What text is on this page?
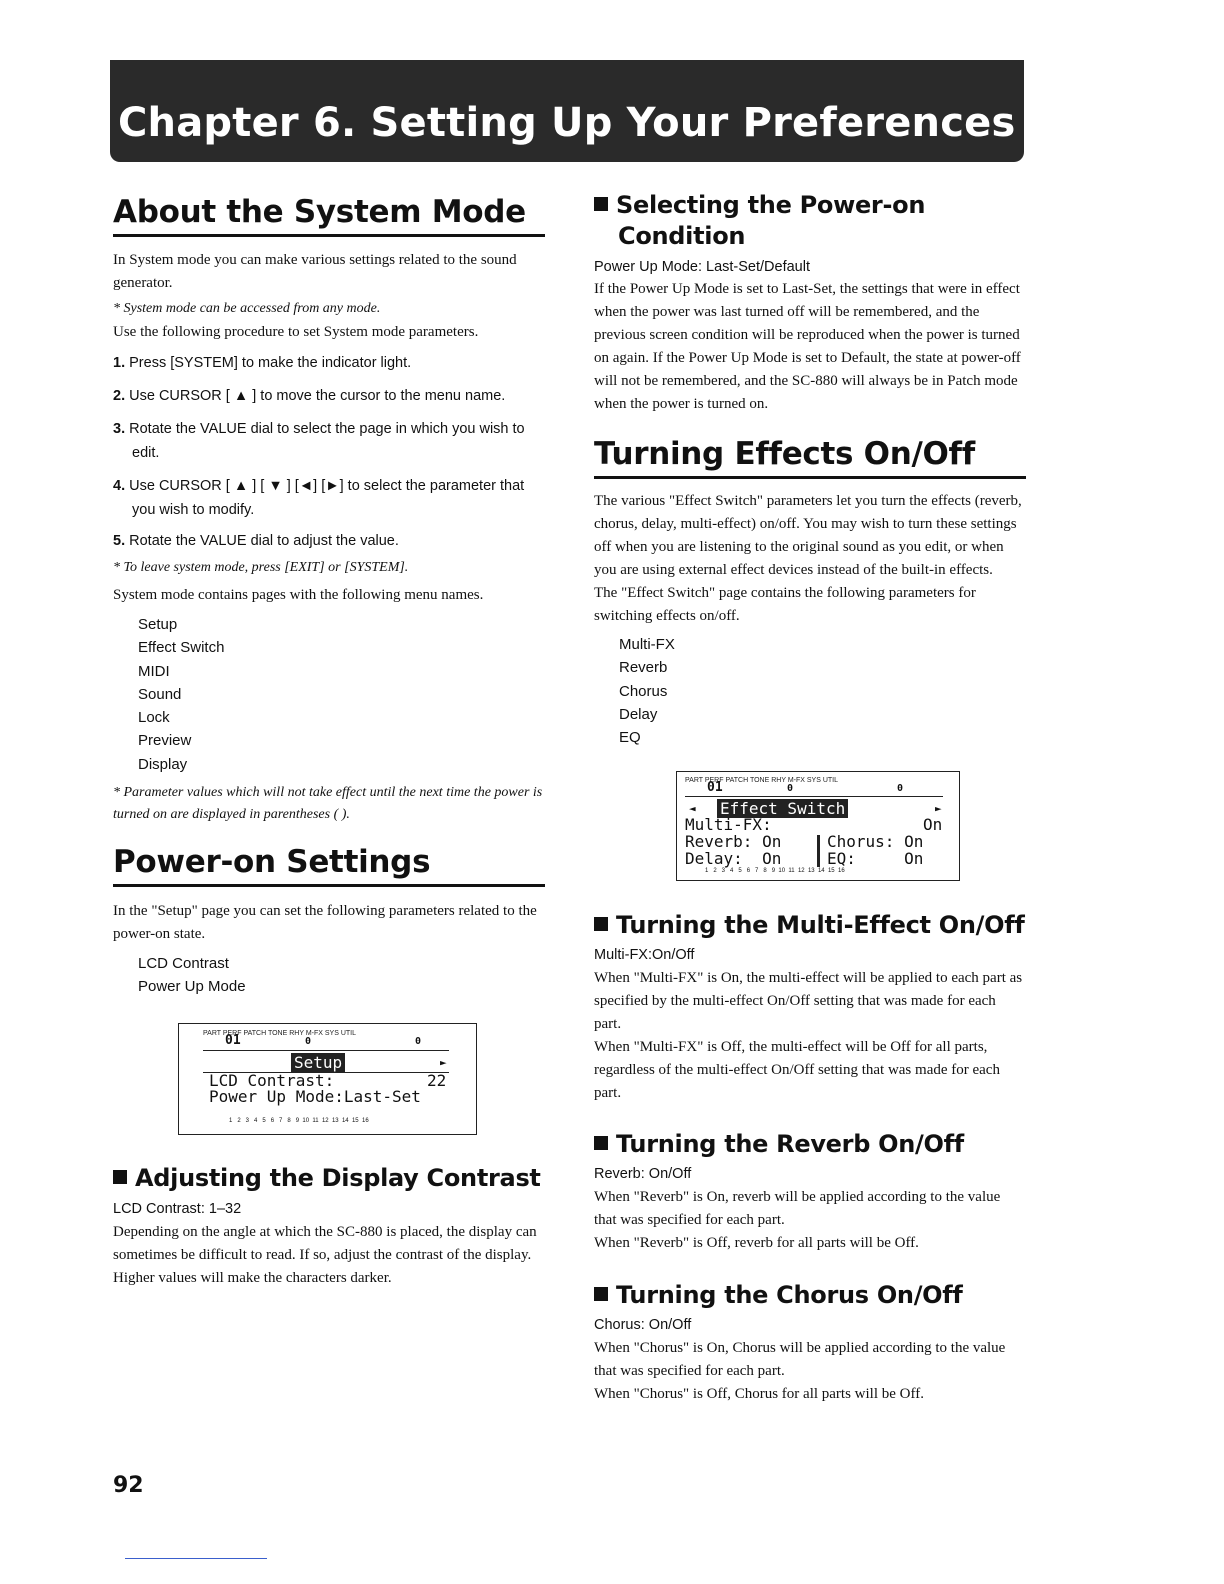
Chapter 6. Setting Up Your Preferences
About the System Mode

In System mode you can make various settings related to the sound generator.

* System mode can be accessed from any mode.

Use the following procedure to set System mode parameters.

1. Press [SYSTEM] to make the indicator light.
2. Use CURSOR [ ▲ ] to move the cursor to the menu name.
3. Rotate the VALUE dial to select the page in which you wish to edit.
4. Use CURSOR [ ▲ ] [ ▼ ] [◄] [►] to select the parameter that you wish to modify.
5. Rotate the VALUE dial to adjust the value.

* To leave system mode, press [EXIT] or [SYSTEM].

System mode contains pages with the following menu names.

Setup
Effect Switch
MIDI
Sound
Lock
Preview
Display

* Parameter values which will not take effect until the next time the power is turned on are displayed in parentheses ( ).

Power-on Settings

In the "Setup" page you can set the following parameters related to the power-on state.

LCD Contrast
Power Up Mode
PART PERF PATCH TONE RHY M-FX SYS UTIL
01	0	0
Setup	►
LCD Contrast:	22
Power Up Mode:Last-Set
1   2   3   4   5   6   7   8   9  10  11  12  13  14  15  16
Adjusting the Display Contrast

LCD Contrast: 1–32

Depending on the angle at which the SC-880 is placed, the display can sometimes be difficult to read. If so, adjust the contrast of the display. Higher values will make the characters darker.

Selecting the Power-on
Condition

Power Up Mode: Last-Set/Default

If the Power Up Mode is set to Last-Set, the settings that were in effect when the power was last turned off will be remembered, and the previous screen condition will be reproduced when the power is turned on again. If the Power Up Mode is set to Default, the state at power-off will not be remembered, and the SC-880 will always be in Patch mode when the power is turned on.

Turning Effects On/Off

The various "Effect Switch" parameters let you turn the effects (reverb, chorus, delay, multi-effect) on/off. You may wish to turn these settings off when you are listening to the original sound as you edit, or when you are using external effect devices instead of the built-in effects.

The "Effect Switch" page contains the following parameters for switching effects on/off.

Multi-FX
Reverb
Chorus
Delay
EQ
PART PERF PATCH TONE RHY M-FX SYS UTIL
01	0	0
◄ Effect Switch	►
Multi-FX:	On
Reverb: On	Chorus: On
Delay:  On	EQ:     On
1   2   3   4   5   6   7   8   9  10  11  12  13  14  15  16
Turning the Multi-Effect On/Off

Multi-FX:On/Off

When "Multi-FX" is On, the multi-effect will be applied to each part as specified by the multi-effect On/Off setting that was made for each part.

When "Multi-FX" is Off, the multi-effect will be Off for all parts, regardless of the multi-effect On/Off setting that was made for each part.

Turning the Reverb On/Off

Reverb: On/Off

When "Reverb" is On, reverb will be applied according to the value that was specified for each part.

When "Reverb" is Off, reverb for all parts will be Off.

Turning the Chorus On/Off

Chorus: On/Off

When "Chorus" is On, Chorus will be applied according to the value that was specified for each part.

When "Chorus" is Off, Chorus for all parts will be Off.

92
